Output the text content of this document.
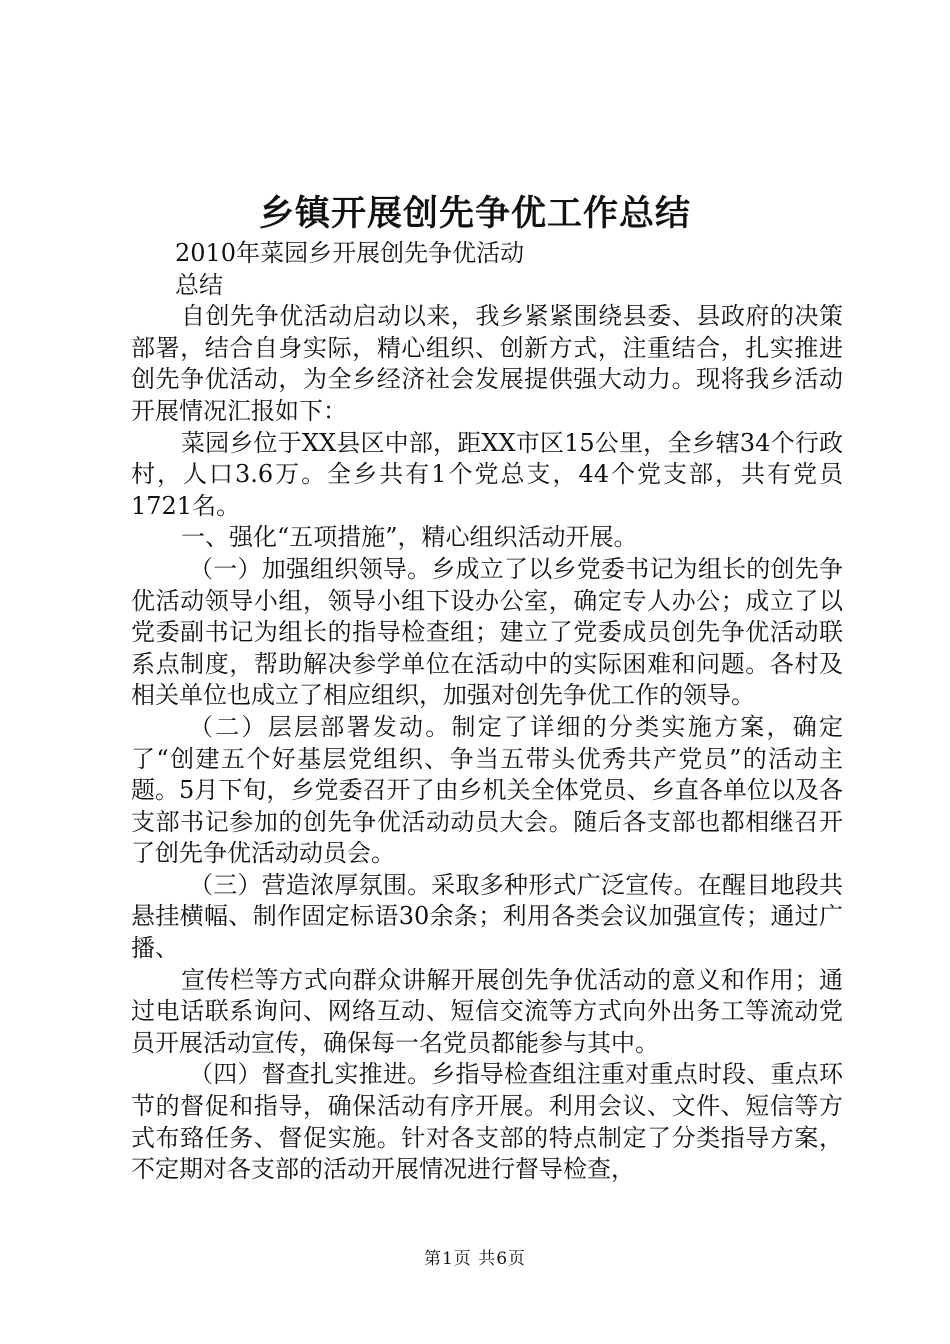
乡镇开展创先争优工作总结
2010年菜园乡开展创先争优活动
总结

自创先争优活动启动以来，我乡紧紧围绕县委、县政府的决策部署，结合自身实际，精心组织、创新方式，注重结合，扎实推进创先争优活动，为全乡经济社会发展提供强大动力。现将我乡活动开展情况汇报如下：

菜园乡位于XX县区中部，距XX市区15公里，全乡辖34个行政村，人口3.6万。全乡共有1个党总支，44个党支部，共有党员1721名。

一、强化“五项措施”，精心组织活动开展。

（一）加强组织领导。乡成立了以乡党委书记为组长的创先争优活动领导小组，领导小组下设办公室，确定专人办公；成立了以党委副书记为组长的指导检查组；建立了党委成员创先争优活动联系点制度，帮助解决参学单位在活动中的实际困难和问题。各村及相关单位也成立了相应组织，加强对创先争优工作的领导。

（二）层层部署发动。制定了详细的分类实施方案，确定了“创建五个好基层党组织、争当五带头优秀共产党员”的活动主题。5月下旬，乡党委召开了由乡机关全体党员、乡直各单位以及各支部书记参加的创先争优活动动员大会。随后各支部也都相继召开了创先争优活动动员会。

（三）营造浓厚氛围。采取多种形式广泛宣传。在醒目地段共悬挂横幅、制作固定标语30余条；利用各类会议加强宣传；通过广播、

宣传栏等方式向群众讲解开展创先争优活动的意义和作用；通过电话联系询问、网络互动、短信交流等方式向外出务工等流动党员开展活动宣传，确保每一名党员都能参与其中。

（四）督查扎实推进。乡指导检查组注重对重点时段、重点环节的督促和指导，确保活动有序开展。利用会议、文件、短信等方式布臵任务、督促实施。针对各支部的特点制定了分类指导方案，不定期对各支部的活动开展情况进行督导检查，

第1页 共6页
